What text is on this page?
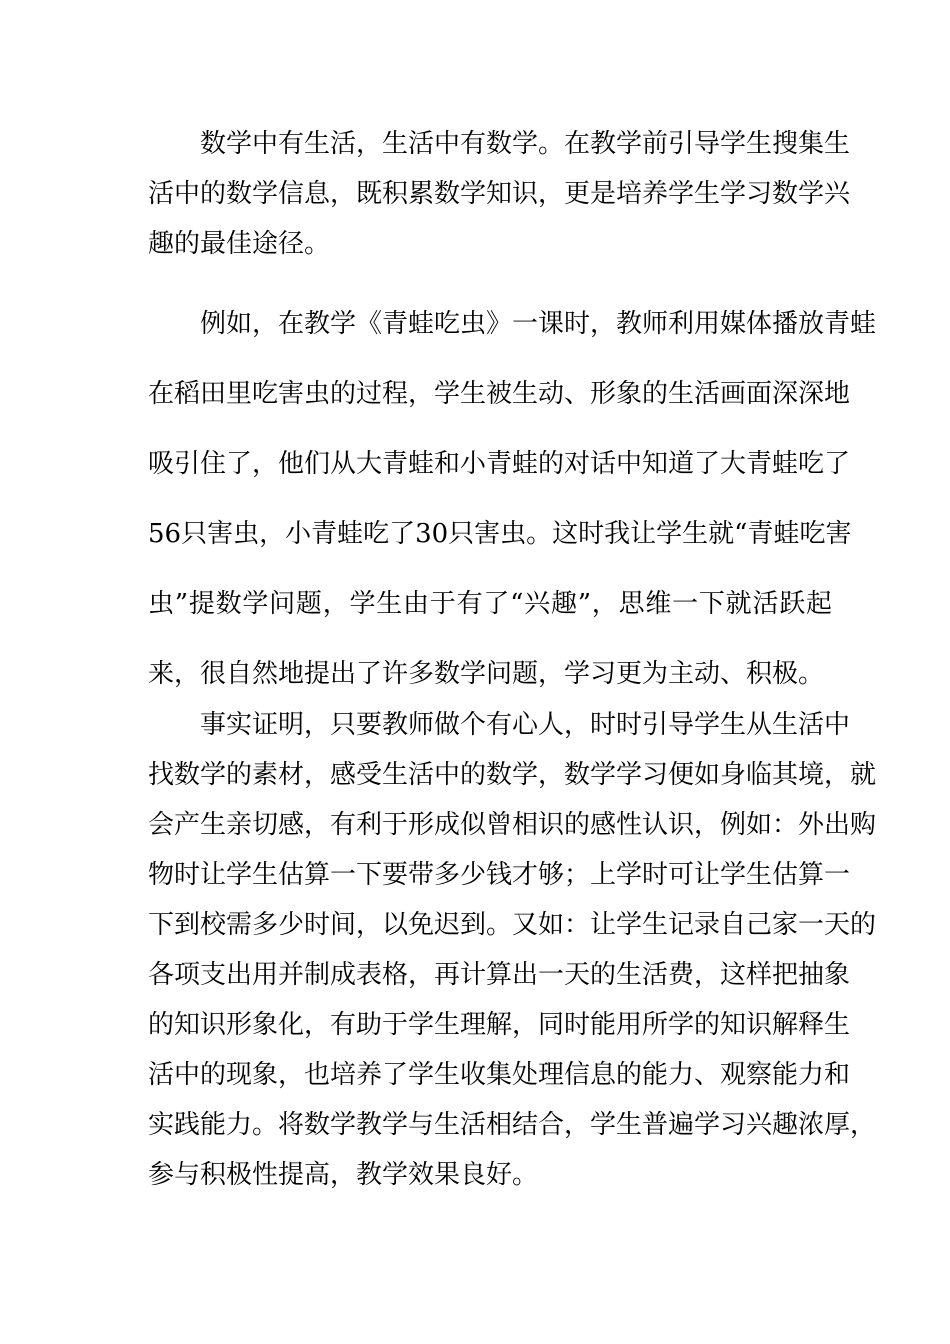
数学中有生活，生活中有数学。在教学前引导学生搜集生
活中的数学信息，既积累数学知识，更是培养学生学习数学兴
趣的最佳途径。
例如，在教学《青蛙吃虫》一课时，教师利用媒体播放青蛙
在稻田里吃害虫的过程，学生被生动、形象的生活画面深深地
吸引住了，他们从大青蛙和小青蛙的对话中知道了大青蛙吃了
56只害虫，小青蛙吃了30只害虫。这时我让学生就“青蛙吃害
虫”提数学问题，学生由于有了“兴趣”，思维一下就活跃起
来，很自然地提出了许多数学问题，学习更为主动、积极。
事实证明，只要教师做个有心人，时时引导学生从生活中
找数学的素材，感受生活中的数学，数学学习便如身临其境，就
会产生亲切感，有利于形成似曾相识的感性认识，例如：外出购
物时让学生估算一下要带多少钱才够；上学时可让学生估算一
下到校需多少时间，以免迟到。又如：让学生记录自己家一天的
各项支出用并制成表格，再计算出一天的生活费，这样把抽象
的知识形象化，有助于学生理解，同时能用所学的知识解释生
活中的现象，也培养了学生收集处理信息的能力、观察能力和
实践能力。将数学教学与生活相结合，学生普遍学习兴趣浓厚，
参与积极性提高，教学效果良好。
